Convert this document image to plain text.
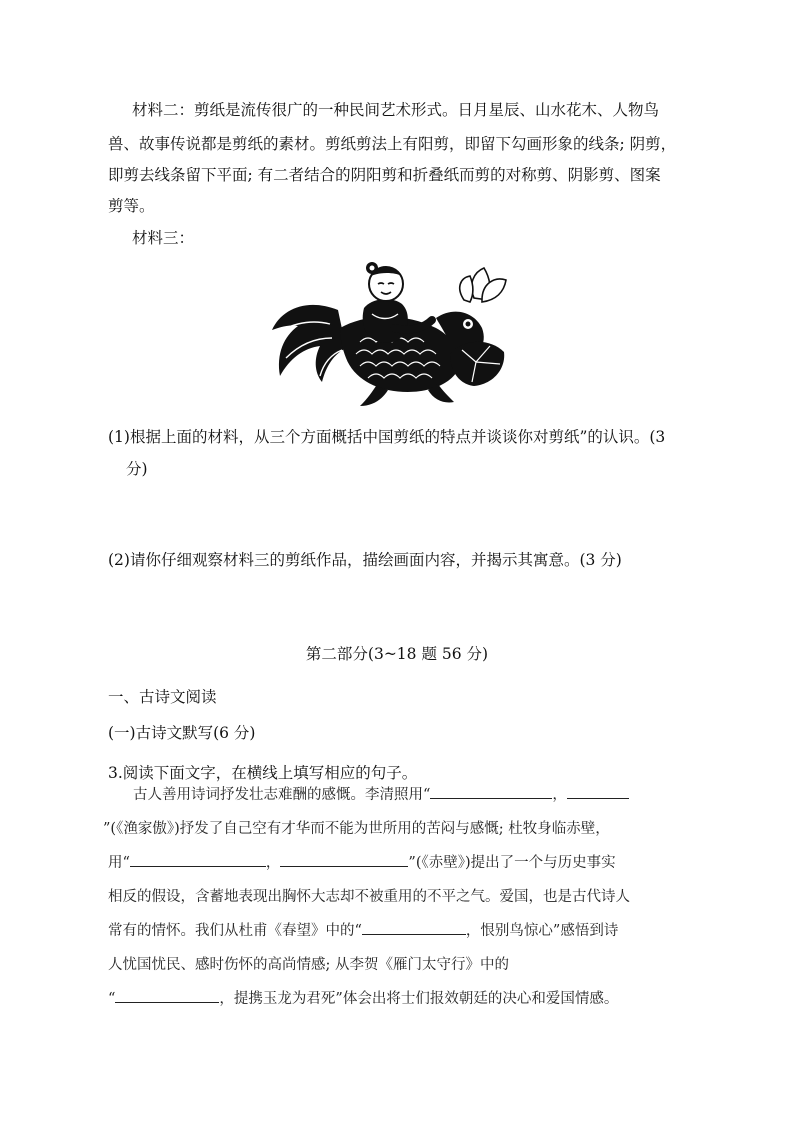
材料二：剪纸是流传很广的一种民间艺术形式。日月星辰、山水花木、人物鸟
兽、故事传说都是剪纸的素材。剪纸剪法上有阳剪，即留下勾画形象的线条; 阴剪，
即剪去线条留下平面; 有二者结合的阴阳剪和折叠纸而剪的对称剪、阴影剪、图案
剪等。
材料三：
(1)根据上面的材料，从三个方面概括中国剪纸的特点并谈谈你对剪纸”的认识。(3
分)
(2)请你仔细观察材料三的剪纸作品，描绘画面内容，并揭示其寓意。(3 分)
第二部分(3~18 题 56 分)
一、古诗文阅读
(一)古诗文默写(6 分)
3.阅读下面文字，在横线上填写相应的句子。
古人善用诗词抒发壮志难酬的感慨。李清照用“	，
”(《渔家傲》)抒发了自己空有才华而不能为世所用的苦闷与感慨; 杜牧身临赤壁，
用“	，	”(《赤壁》)提出了一个与历史事实
相反的假设，含蓄地表现出胸怀大志却不被重用的不平之气。爱国，也是古代诗人
常有的情怀。我们从杜甫《春望》中的“	，恨别鸟惊心”感悟到诗
人忧国忧民、感时伤怀的高尚情感; 从李贺《雁门太守行》中的
“	，提携玉龙为君死”体会出将士们报效朝廷的决心和爱国情感。
